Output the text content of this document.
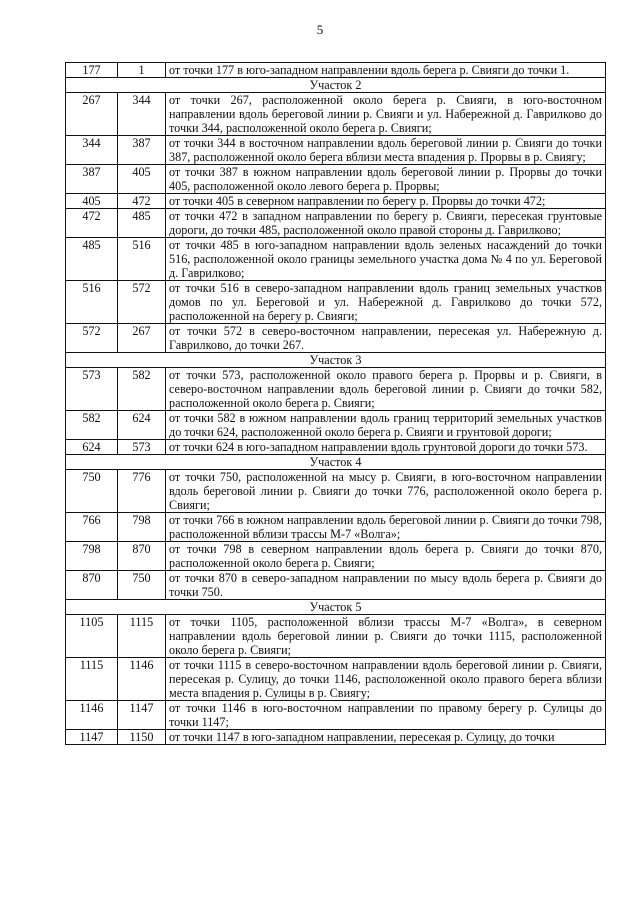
5
177	1	от точки 177 в юго-западном направлении вдоль берега р. Свияги до точки 1.
Участок 2		
267	344	от точки 267, расположенной около берега р. Свияги, в юго-восточном направлении вдоль береговой линии р. Свияги и ул. Набережной д. Гаврилково до точки 344, расположенной около берега р. Свияги;
344	387	от точки 344 в восточном направлении вдоль береговой линии р. Свияги до точки 387, расположенной около берега вблизи места впадения р. Прорвы в р. Свиягу;
387	405	от точки 387 в южном направлении вдоль береговой линии р. Прорвы до точки 405, расположенной около левого берега р. Прорвы;
405	472	от точки 405 в северном направлении по берегу р. Прорвы до точки 472;
472	485	от точки 472 в западном направлении по берегу р. Свияги, пересекая грунтовые дороги, до точки 485, расположенной около правой стороны д. Гаврилково;
485	516	от точки 485 в юго-западном направлении вдоль зеленых насаждений до точки 516, расположенной около границы земельного участка дома № 4 по ул. Береговой д. Гаврилково;
516	572	от точки 516 в северо-западном направлении вдоль границ земельных участков домов по ул. Береговой и ул. Набережной д. Гаврилково до точки 572, расположенной на берегу р. Свияги;
572	267	от точки 572 в северо-восточном направлении, пересекая ул. Набережную д. Гаврилково, до точки 267.
Участок 3		
573	582	от точки 573, расположенной около правого берега р. Прорвы и р. Свияги, в северо-восточном направлении вдоль береговой линии р. Свияги до точки 582, расположенной около берега р. Свияги;
582	624	от точки 582 в южном направлении вдоль границ территорий земельных участков до точки 624, расположенной около берега р. Свияги и грунтовой дороги;
624	573	от точки 624 в юго-западном направлении вдоль грунтовой дороги до точки 573.
Участок 4		
750	776	от точки 750, расположенной на мысу р. Свияги, в юго-восточном направлении вдоль береговой линии р. Свияги до точки 776, расположенной около берега р. Свияги;
766	798	от точки 766 в южном направлении вдоль береговой линии р. Свияги до точки 798, расположенной вблизи трассы М-7 «Волга»;
798	870	от точки 798 в северном направлении вдоль берега р. Свияги до точки 870, расположенной около берега р. Свияги;
870	750	от точки 870 в северо-западном направлении по мысу вдоль берега р. Свияги до точки 750.
Участок 5		
1105	1115	от точки 1105, расположенной вблизи трассы М-7 «Волга», в северном направлении вдоль береговой линии р. Свияги до точки 1115, расположенной около берега р. Свияги;
1115	1146	от точки 1115 в северо-восточном направлении вдоль береговой линии р. Свияги, пересекая р. Сулицу, до точки 1146, расположенной около правого берега вблизи места впадения р. Сулицы в р. Свиягу;
1146	1147	от точки 1146 в юго-восточном направлении по правому берегу р. Сулицы до точки 1147;
1147	1150	от точки 1147 в юго-западном направлении, пересекая р. Сулицу, до точки
